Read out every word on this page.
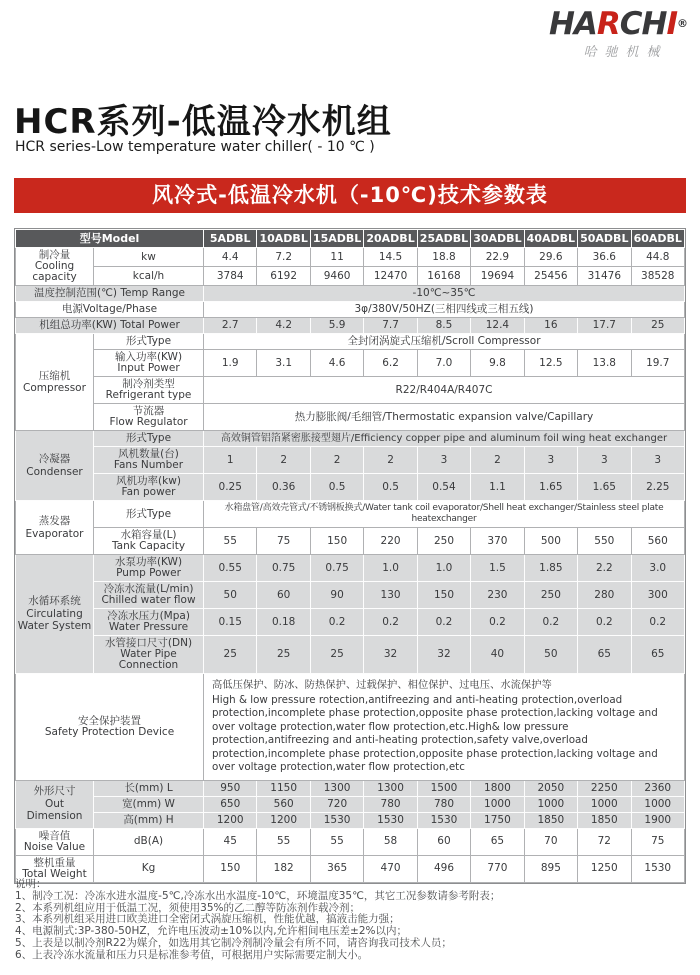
HARCHI®
哈驰机械
HCR系列-低温冷水机组
HCR series-Low temperature water chiller( - 10 ℃ )
风冷式-低温冷水机（-10℃)技术参数表
型号Model		5ADBL	10ADBL	15ADBL	20ADBL	25ADBL	30ADBL	40ADBL	50ADBL	60ADBL

制冷量
Cooling capacity	kw	4.4	7.2	11	14.5	18.8	22.9	29.6	36.6	44.8

	kcal/h	3784	6192	9460	12470	16168	19694	25456	31476	38528

温度控制范围(℃) Temp Range		-10℃~35℃								

电源Voltage/Phase		3φ/380V/50HZ(三相四线或三相五线)								

机组总功率(KW) Total Power		2.7	4.2	5.9	7.7	8.5	12.4	16	17.7	25

压缩机
Compressor	形式Type	全封闭涡旋式压缩机/Scroll Compressor								

	输入功率(KW)
Input Power	1.9	3.1	4.6	6.2	7.0	9.8	12.5	13.8	19.7

	制冷剂类型
Refrigerant type	R22/R404A/R407C								

	节流器
Flow Regulator	热力膨胀阀/毛细管/Thermostatic expansion valve/Capillary								

冷凝器
Condenser	形式Type	高效铜管铝箔紧密胀接型翅片/Efficiency copper pipe and aluminum foil wing heat exchanger								

	风机数量(台)
Fans Number	1	2	2	2	3	2	3	3	3

	风机功率(kw)
Fan power	0.25	0.36	0.5	0.5	0.54	1.1	1.65	1.65	2.25

蒸发器
Evaporator	形式Type	水箱盘管/高效壳管式/不锈钢板换式/Water tank coil evaporator/Shell heat exchanger/Stainless steel plate heatexchanger								

	水箱容量(L)
Tank Capacity	55	75	150	220	250	370	500	550	560

水循环系统
Circulating
Water System

水泵功率(KW)
Pump Power	0.55	0.75	0.75	1.0	1.0	1.5	1.85	2.2	3.0

	冷冻水流量(L/min)
Chilled water flow	50	60	90	130	150	230	250	280	300

	冷冻水压力(Mpa)
Water Pressure	0.15	0.18	0.2	0.2	0.2	0.2	0.2	0.2	0.2

	水管接口尺寸(DN)
Water Pipe
Connection	25	25	25	32	32	40	50	65	65

安全保护装置
Safety Protection Device

高低压保护、防冰、防热保护、过载保护、相位保护、过电压、水流保护等
High & low pressure rotection,antifreezing and anti-heating protection,overload protection,incomplete phase protection,opposite phase protection,lacking voltage and over voltage protection,water flow protection,etc.High& low pressure protection,antifreezing and anti-heating protection,safety valve,overload protection,incomplete phase protection,opposite phase protection,lacking voltage and over voltage protection,water flow protection,etc

外形尺寸
Out Dimension	长(mm) L	950	1150	1300	1300	1500	1800	2050	2250	2360

	宽(mm) W	650	560	720	780	780	1000	1000	1000	1000

	高(mm) H	1200	1200	1530	1530	1530	1750	1850	1850	1900

噪音值
Noise Value	dB(A)	45	55	55	58	60	65	70	72	75

整机重量
Total Weight	Kg	150	182	365	470	496	770	895	1250	1530
说明：
1、制冷工况：冷冻水进水温度-5℃,冷冻水出水温度-10℃，环境温度35℃，其它工况参数请参考附表；
2、本系列机组应用于低温工况，须使用35%的乙二醇等防冻剂作载冷剂；
3、本系列机组采用进口欧美进口全密闭式涡旋压缩机，性能优越，搞液击能力强；
4、电源制式:3P-380-50HZ，允许电压波动±10%以内,允许相间电压差±2%以内；
5、上表是以制冷剂R22为媒介，如选用其它制冷剂制冷量会有所不同，请咨询我司技术人员；
6、上表冷冻水流量和压力只是标准参考值，可根据用户实际需要定制大小。
